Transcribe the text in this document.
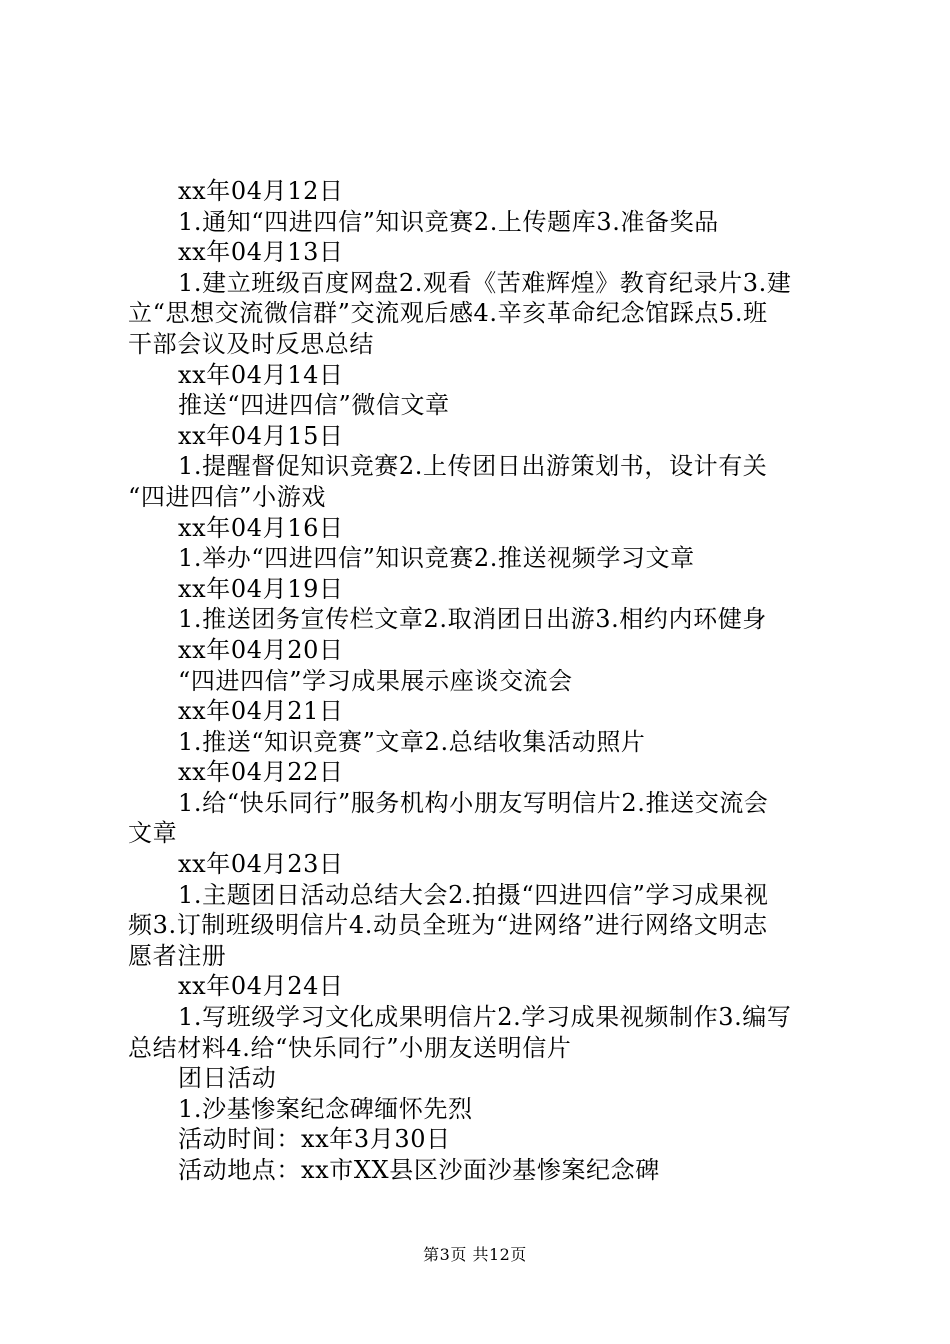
xx年04月12日
1.通知“四进四信”知识竞赛2.上传题库3.准备奖品
xx年04月13日
1.建立班级百度网盘2.观看《苦难辉煌》教育纪录片3.建
立“思想交流微信群”交流观后感4.辛亥革命纪念馆踩点5.班
干部会议及时反思总结
xx年04月14日
推送“四进四信”微信文章
xx年04月15日
1.提醒督促知识竞赛2.上传团日出游策划书，设计有关
“四进四信”小游戏
xx年04月16日
1.举办“四进四信”知识竞赛2.推送视频学习文章
xx年04月19日
1.推送团务宣传栏文章2.取消团日出游3.相约内环健身
xx年04月20日
“四进四信”学习成果展示座谈交流会
xx年04月21日
1.推送“知识竞赛”文章2.总结收集活动照片
xx年04月22日
1.给“快乐同行”服务机构小朋友写明信片2.推送交流会
文章
xx年04月23日
1.主题团日活动总结大会2.拍摄“四进四信”学习成果视
频3.订制班级明信片4.动员全班为“进网络”进行网络文明志
愿者注册
xx年04月24日
1.写班级学习文化成果明信片2.学习成果视频制作3.编写
总结材料4.给“快乐同行”小朋友送明信片
团日活动
1.沙基惨案纪念碑缅怀先烈
活动时间：xx年3月30日
活动地点：xx市XX县区沙面沙基惨案纪念碑
第3页 共12页
